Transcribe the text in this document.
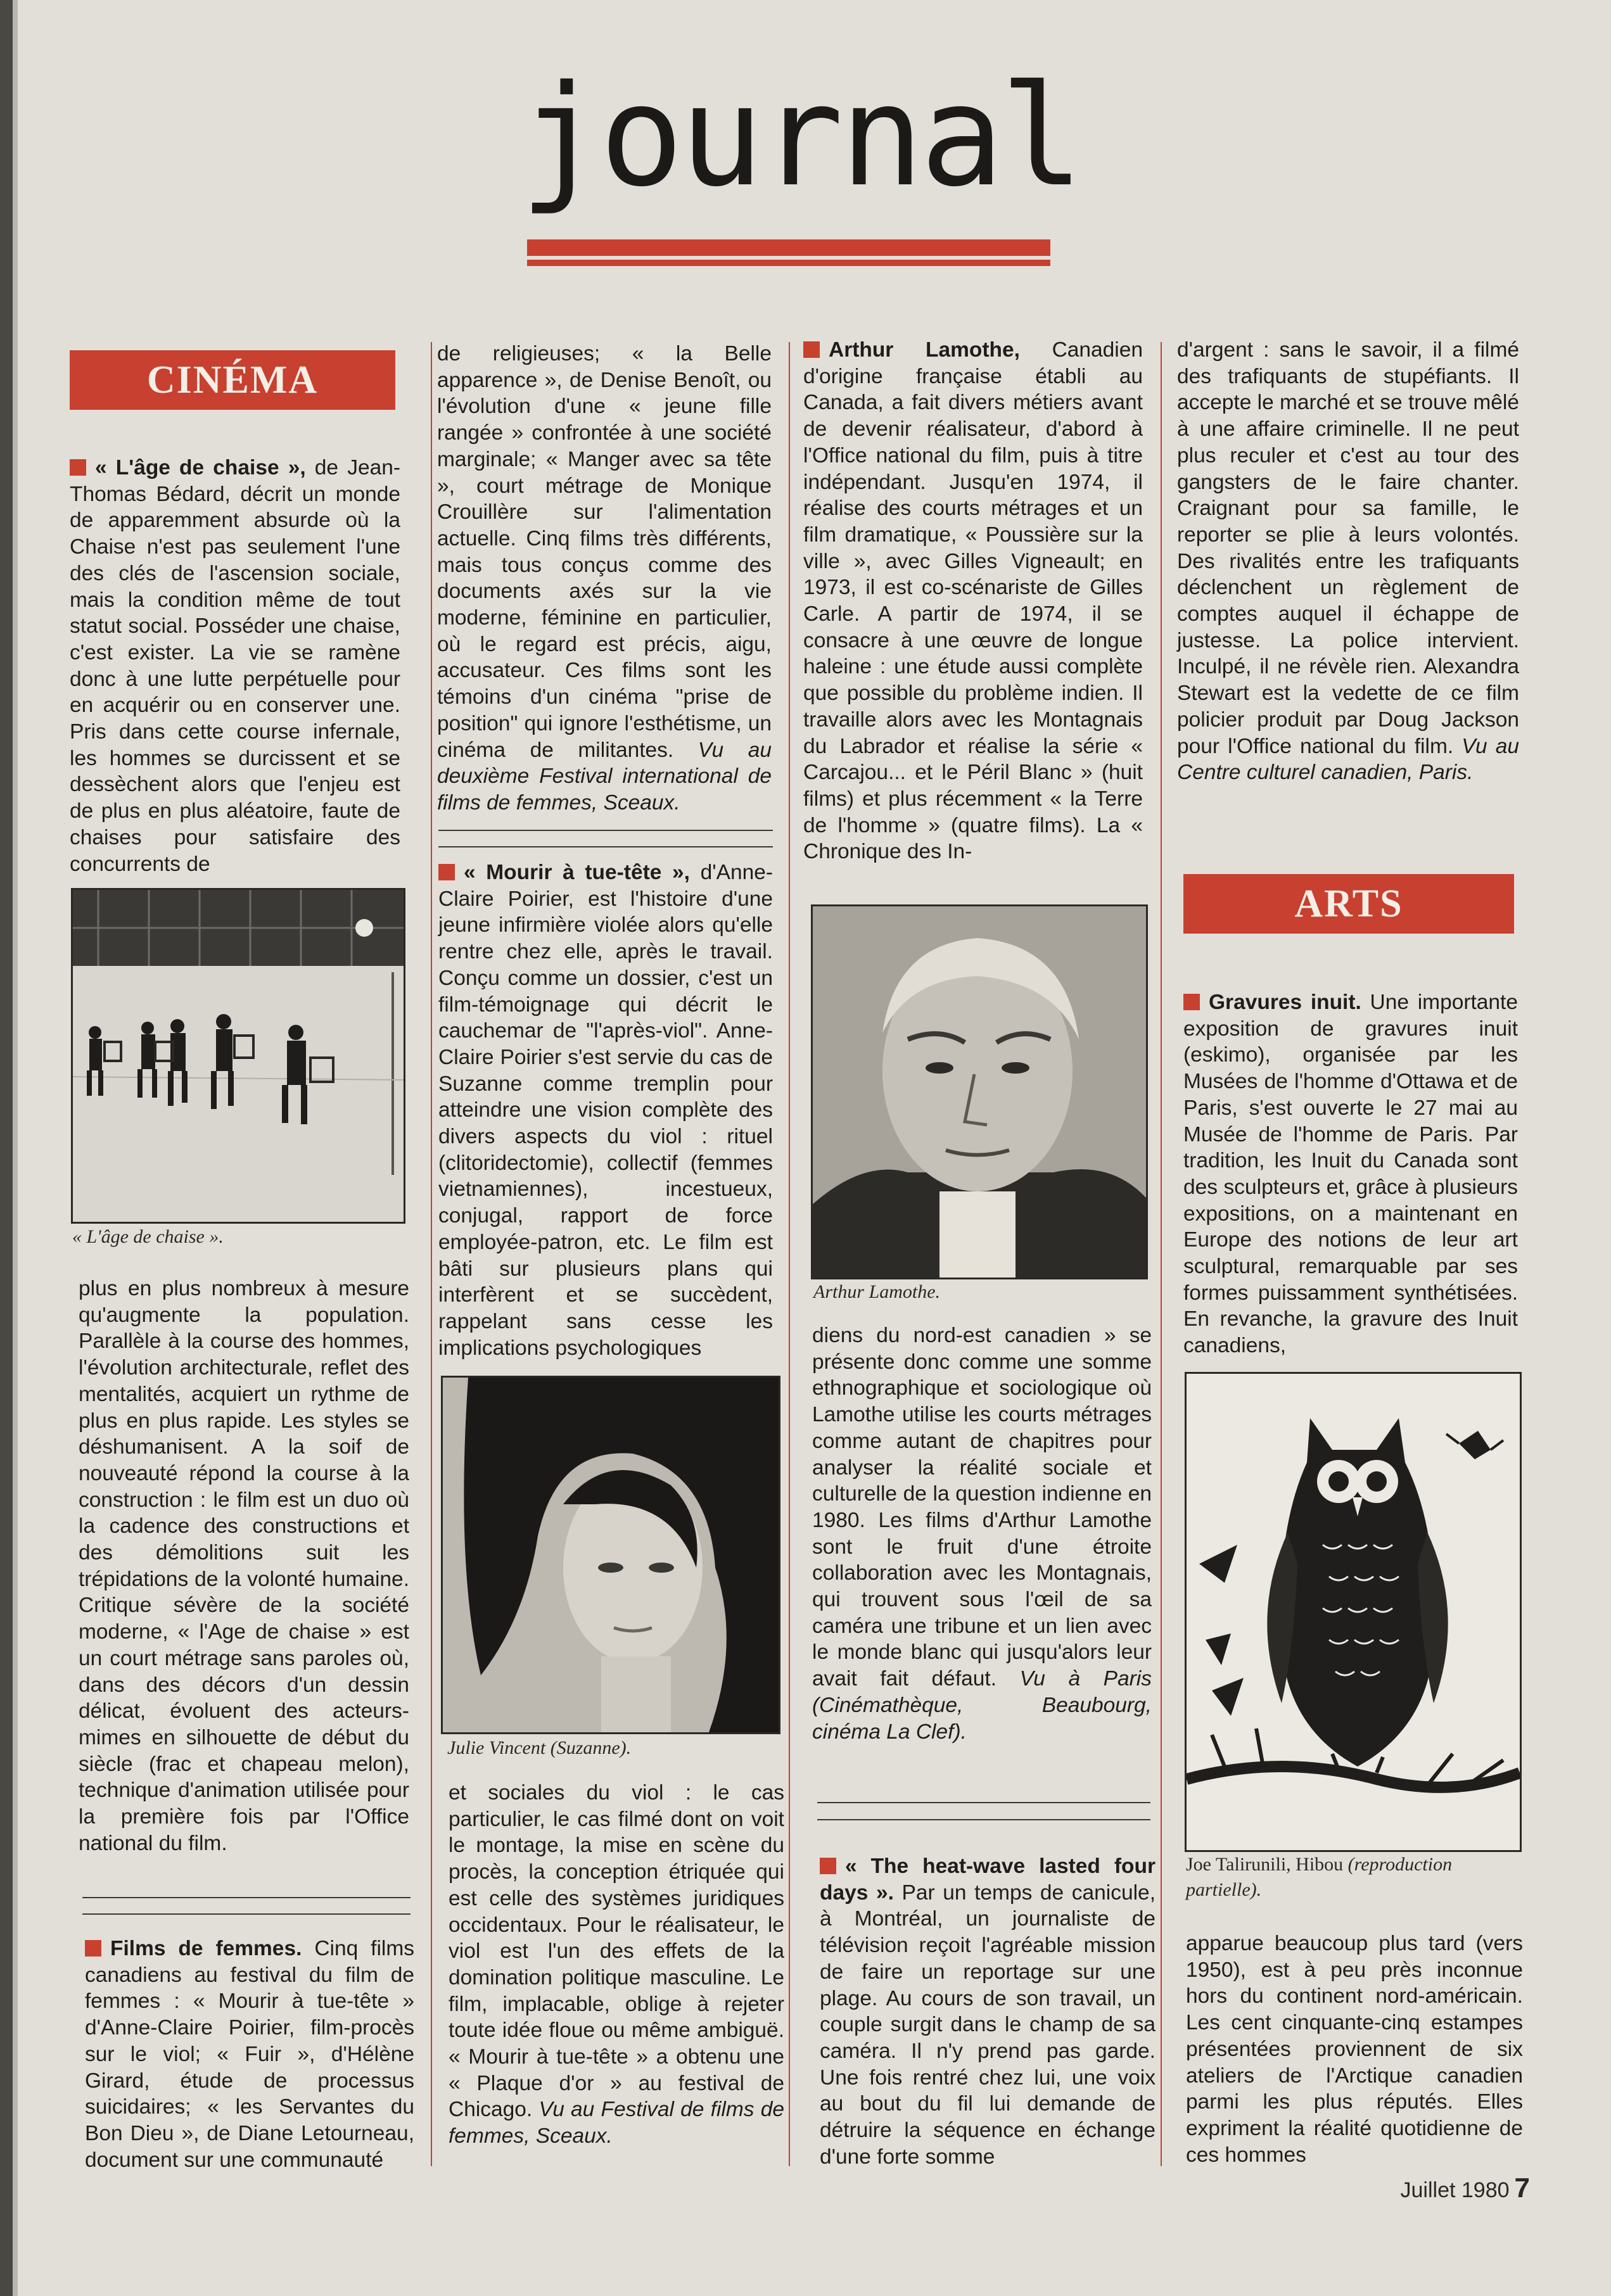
journal
CINÉMA

« L'âge de chaise », de Jean-Thomas Bédard, décrit un monde de apparemment absurde où la Chaise n'est pas seulement l'une des clés de l'ascension sociale, mais la condition même de tout statut social. Posséder une chaise, c'est exister. La vie se ramène donc à une lutte perpétuelle pour en acquérir ou en conserver une. Pris dans cette course infernale, les hommes se durcissent et se dessèchent alors que l'enjeu est de plus en plus aléatoire, faute de chaises pour satisfaire des concurrents de

« L'âge de chaise ».

plus en plus nombreux à mesure qu'augmente la population. Parallèle à la course des hommes, l'évolution architecturale, reflet des mentalités, acquiert un rythme de plus en plus rapide. Les styles se déshumanisent. A la soif de nouveauté répond la course à la construction : le film est un duo où la cadence des constructions et des démolitions suit les trépidations de la volonté humaine. Critique sévère de la société moderne, « l'Age de chaise » est un court métrage sans paroles où, dans des décors d'un dessin délicat, évoluent des acteurs-mimes en silhouette de début du siècle (frac et chapeau melon), technique d'animation utilisée pour la première fois par l'Office national du film.

Films de femmes. Cinq films canadiens au festival du film de femmes : « Mourir à tue-tête » d'Anne-Claire Poirier, film-procès sur le viol; « Fuir », d'Hélène Girard, étude de processus suicidaires; « les Servantes du Bon Dieu », de Diane Letourneau, document sur une communauté

de religieuses; « la Belle apparence », de Denise Benoît, ou l'évolution d'une « jeune fille rangée » confrontée à une société marginale; « Manger avec sa tête », court métrage de Monique Crouillère sur l'alimentation actuelle. Cinq films très différents, mais tous conçus comme des documents axés sur la vie moderne, féminine en particulier, où le regard est précis, aigu, accusateur. Ces films sont les témoins d'un cinéma "prise de position" qui ignore l'esthétisme, un cinéma de militantes. Vu au deuxième Festival international de films de femmes, Sceaux.

« Mourir à tue-tête », d'Anne-Claire Poirier, est l'histoire d'une jeune infirmière violée alors qu'elle rentre chez elle, après le travail. Conçu comme un dossier, c'est un film-témoignage qui décrit le cauchemar de "l'après-viol". Anne-Claire Poirier s'est servie du cas de Suzanne comme tremplin pour atteindre une vision complète des divers aspects du viol : rituel (clitoridectomie), collectif (femmes vietnamiennes), incestueux, conjugal, rapport de force employée-patron, etc. Le film est bâti sur plusieurs plans qui interfèrent et se succèdent, rappelant sans cesse les implications psychologiques

Julie Vincent (Suzanne).

et sociales du viol : le cas particulier, le cas filmé dont on voit le montage, la mise en scène du procès, la conception étriquée qui est celle des systèmes juridiques occidentaux. Pour le réalisateur, le viol est l'un des effets de la domination politique masculine. Le film, implacable, oblige à rejeter toute idée floue ou même ambiguë. « Mourir à tue-tête » a obtenu une « Plaque d'or » au festival de Chicago. Vu au Festival de films de femmes, Sceaux.

Arthur Lamothe, Canadien d'origine française établi au Canada, a fait divers métiers avant de devenir réalisateur, d'abord à l'Office national du film, puis à titre indépendant. Jusqu'en 1974, il réalise des courts métrages et un film dramatique, « Poussière sur la ville », avec Gilles Vigneault; en 1973, il est co-scénariste de Gilles Carle. A partir de 1974, il se consacre à une œuvre de longue haleine : une étude aussi complète que possible du problème indien. Il travaille alors avec les Montagnais du Labrador et réalise la série « Carcajou... et le Péril Blanc » (huit films) et plus récemment « la Terre de l'homme » (quatre films). La « Chronique des In-

Arthur Lamothe.

diens du nord-est canadien » se présente donc comme une somme ethnographique et sociologique où Lamothe utilise les courts métrages comme autant de chapitres pour analyser la réalité sociale et culturelle de la question indienne en 1980. Les films d'Arthur Lamothe sont le fruit d'une étroite collaboration avec les Montagnais, qui trouvent sous l'œil de sa caméra une tribune et un lien avec le monde blanc qui jusqu'alors leur avait fait défaut. Vu à Paris (Cinémathèque, Beaubourg, cinéma La Clef).

« The heat-wave lasted four days ». Par un temps de canicule, à Montréal, un journaliste de télévision reçoit l'agréable mission de faire un reportage sur une plage. Au cours de son travail, un couple surgit dans le champ de sa caméra. Il n'y prend pas garde. Une fois rentré chez lui, une voix au bout du fil lui demande de détruire la séquence en échange d'une forte somme

d'argent : sans le savoir, il a filmé des trafiquants de stupéfiants. Il accepte le marché et se trouve mêlé à une affaire criminelle. Il ne peut plus reculer et c'est au tour des gangsters de le faire chanter. Craignant pour sa famille, le reporter se plie à leurs volontés. Des rivalités entre les trafiquants déclenchent un règlement de comptes auquel il échappe de justesse. La police intervient. Inculpé, il ne révèle rien. Alexandra Stewart est la vedette de ce film policier produit par Doug Jackson pour l'Office national du film. Vu au Centre culturel canadien, Paris.

ARTS

Gravures inuit. Une importante exposition de gravures inuit (eskimo), organisée par les Musées de l'homme d'Ottawa et de Paris, s'est ouverte le 27 mai au Musée de l'homme de Paris. Par tradition, les Inuit du Canada sont des sculpteurs et, grâce à plusieurs expositions, on a maintenant en Europe des notions de leur art sculptural, remarquable par ses formes puissamment synthétisées. En revanche, la gravure des Inuit canadiens,

Joe Talirunili, Hibou (reproduction partielle).

apparue beaucoup plus tard (vers 1950), est à peu près inconnue hors du continent nord-américain. Les cent cinquante-cinq estampes présentées proviennent de six ateliers de l'Arctique canadien parmi les plus réputés. Elles expriment la réalité quotidienne de ces hommes

Juillet 1980 7
